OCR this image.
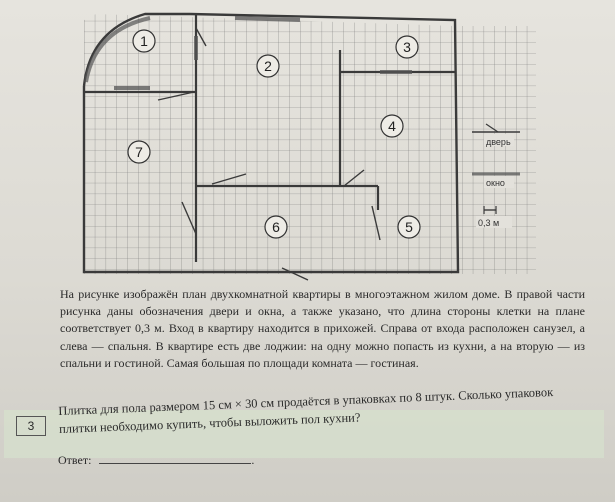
дверь
окно
0,3 м
1
2
3
4
5
6
7
На рисунке изображён план двухкомнатной квартиры в многоэтажном жилом доме. В правой части рисунка даны обозначения двери и окна, а также указано, что длина стороны клетки на плане соответствует 0,3 м. Вход в квартиру находится в прихожей. Справа от входа расположен санузел, а слева — спальня. В квартире есть две лоджии: на одну можно попасть из кухни, а на вторую — из спальни и гостиной. Самая большая по площади комната — гостиная.
3
Плитка для пола размером 15 см × 30 см продаётся в упаковках по 8 штук. Сколько упаковок плитки необходимо купить, чтобы выложить пол кухни?
Ответ:	.
